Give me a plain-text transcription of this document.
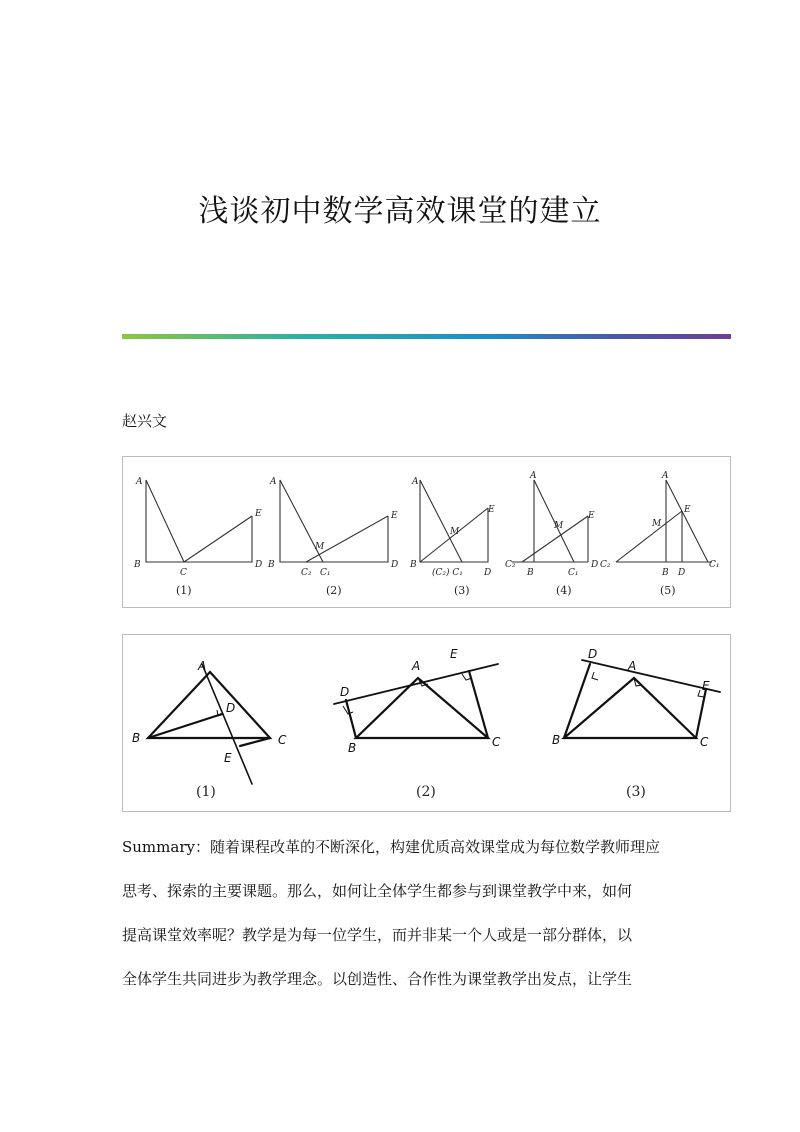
浅谈初中数学高效课堂的建立
赵兴文
A
B
C
D
E
A
B
M
C₂ C₁
D
E
A
B
M
(C₂) C₁ D
E
A
C₂
B
M
C₁
D
E
A
C₂
M
E
B D
C₁
(1)	(2)	(3)	(4)	(5)
A
B	C
D
E
A
B	C
D
E
A
B	C
D
E
(1)	(2)	(3)
Summary：随着课程改革的不断深化，构建优质高效课堂成为每位数学教师理应
思考、探索的主要课题。那么，如何让全体学生都参与到课堂教学中来，如何
提高课堂效率呢？教学是为每一位学生，而并非某一个人或是一部分群体，以
全体学生共同进步为教学理念。以创造性、合作性为课堂教学出发点，让学生
